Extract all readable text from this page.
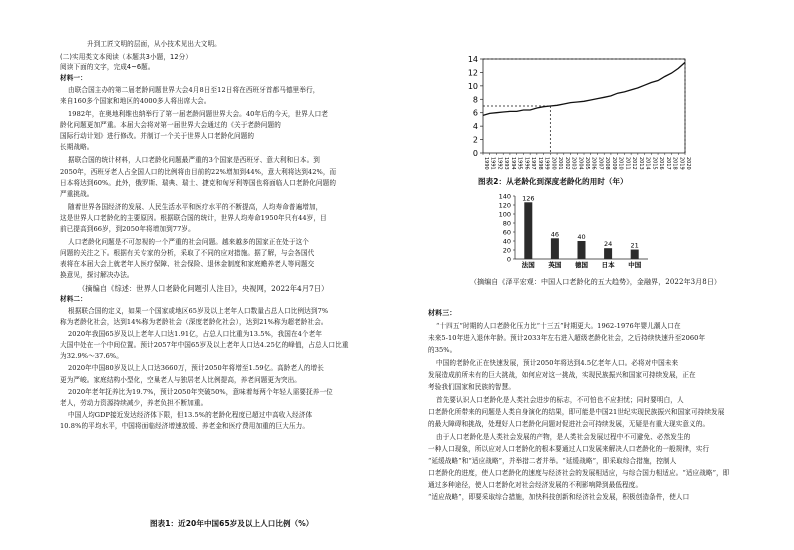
升到工匠文明的层面，从小技术见出大文明。
(二)实用类文本阅读（本题共3小题，12分）
阅读下面的文字，完成4~6题。
材料一：
由联合国主办的第二届老龄问题世界大会4月8日至12日将在西班牙首都马德里举行，
来自160多个国家和地区的4000多人将出席大会。
1982年，在奥地利维也纳举行了第一届老龄问题世界大会。40年后的今天，世界人口老
龄化问题更加严重。本届大会将对第一届世界大会通过的《关于老龄问题的
国际行动计划》进行修改。并制订一个关于世界人口老龄化问题的
长期战略。
据联合国的统计材料，人口老龄化问题最严重的3个国家是西班牙、意大利和日本。到
2050年，西班牙老人占全国人口的比例将由目前的22%增加到44%，意大利将达到42%，而
日本将达到60%。此外，俄罗斯、瑞典、瑞士、捷克和匈牙利等国也将面临人口老龄化问题的
严重挑战。
随着世界各国经济的发展、人民生活水平和医疗水平的不断提高，人均寿命普遍增加，
这是世界人口老龄化的主要原因。根据联合国的统计，世界人均寿命1950年只有44岁，目
前已提高到66岁，到2050年将增加到77岁。
人口老龄化问题是不可忽视的一个严重的社会问题。越来越多的国家正在处于这个
问题的关注之下。根据有关专家的分析，采取了不同的应对措施。据了解，与会各国代
表将在本届大会上就老年人医疗保障、社会保险、退休金制度和家庭赡养老人等问题交
换意见，探讨解决办法。
（摘编自《综述：世界人口老龄化问题引人注目》，央视网，2022年4月7日）
材料二：
根据联合国的定义，如果一个国家或地区65岁及以上老年人口数量占总人口比例达到7%
称为老龄化社会，达到14%称为老龄社会（深度老龄化社会），达到21%称为超老龄社会。
2020年我国65岁及以上老年人口达1.91亿，占总人口比重为13.5%，我国在4个老年
大国中处在一个中间位置。预计2057年中国65岁及以上老年人口达4.25亿的峰值，占总人口比重
为32.9%～37.6%。
2020年中国80岁及以上人口达3660万，预计2050年将增至1.59亿。高龄老人的增长
更为严峻。家庭结构小型化，空巢老人与独居老人比例提高，养老问题更为突出。
2020年老年抚养比为19.7%，预计2050年突破50%，意味着每两个年轻人需要抚养一位
老人，劳动力资源持续减少，养老负担不断加重。
中国人均GDP接近发达经济体下限，但13.5%的老龄化程度已超过中高收入经济体
10.8%的平均水平，中国将面临经济增速放缓、养老金和医疗费用加重的巨大压力。
图表1：近20年中国65岁及以上人口比例（%）
0
2
4
6
8
10
12
14
1990 1991 1992 1993 1994 1995 1996 1997 1998 1999 2000 2001 2002 2003 2004 2005 2006 2007 2008 2009 2010 2011 2012 2013 2014 2015 2016 2017 2018 2019 2020
图表2：从老龄化到深度老龄化的用时（年）
0
20
40
60
80
100
120
140 126
法国
46
英国
40
德国
24
日本
21
中国
（摘编自《泽平宏观：中国人口老龄化的五大趋势》，金融界，2022年3月8日）
材料三：
“十四五”时期的人口老龄化压力比“十三五”时期更大。1962-1976年婴儿潮人口在
未来5-10年进入退休年龄。预计2033年左右进入超级老龄化社会，之后持续快速升至2060年
的35%。
中国的老龄化正在快速发展，预计2050年将达到4.5亿老年人口。必将对中国未来
发展造成前所未有的巨大挑战，如何应对这一挑战，实现民族振兴和国家可持续发展，正在
考验我们国家和民族的智慧。
首先要认识人口老龄化是人类社会进步的标志，不可怕也不应担忧；同时要明白，人
口老龄化所带来的问题是人类自身演化的结果，即可能是中国21世纪实现民族振兴和国家可持续发展
的最大障碍和挑战，处理好人口老龄化问题对促进社会可持续发展，无疑是有重大现实意义的。
由于人口老龄化是人类社会发展的产物，是人类社会发展过程中不可避免、必然发生的
一种人口现象，所以应对人口老龄化的根本要通过人口发展来解决人口老龄化的一般规律，实行
“延缓战略”和“适应战略”，并举措二者并举。“延缓战略”，即采取综合措施，控制人
口老龄化的进度，使人口老龄化的速度与经济社会的发展相适应，与综合国力相适应。“适应战略”，即
通过多种途径，使人口老龄化对社会经济发展的不利影响降到最低程度。
“适应战略”，即要采取综合措施，加快科技创新和经济社会发展，积极创造条件，使人口
